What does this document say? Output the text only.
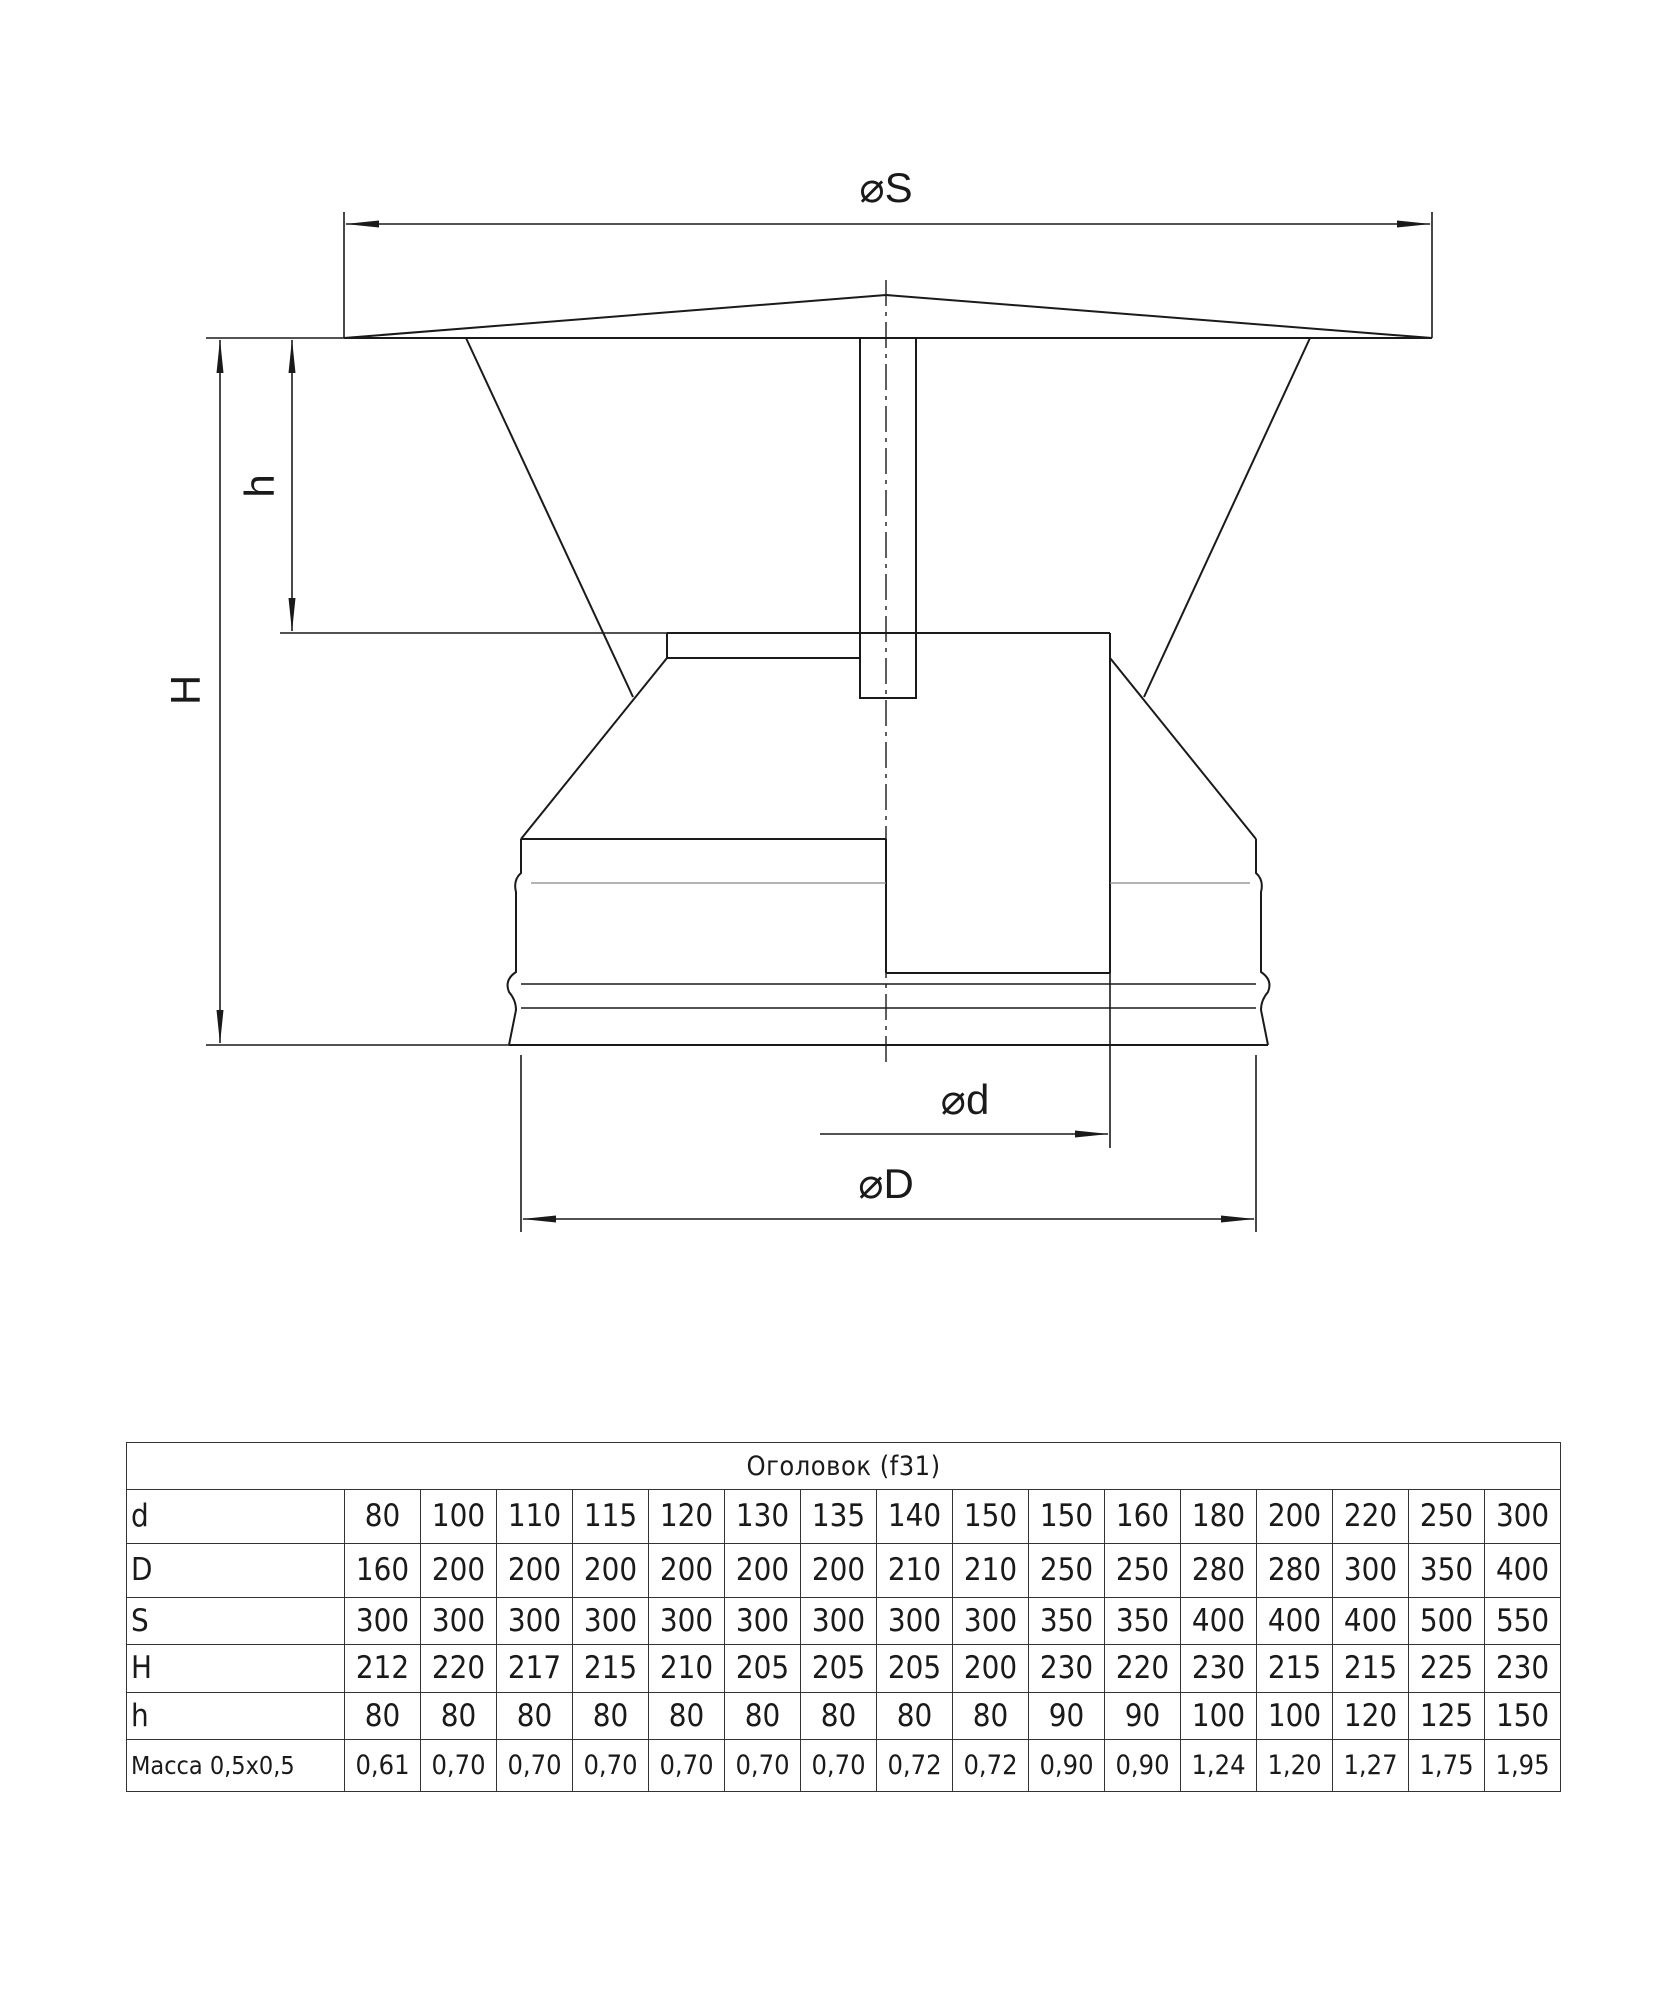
⌀S
H
h
⌀d
⌀D
Оголовок (f31)																
d	80	100	110	115	120	130	135	140	150	150	160	180	200	220	250	300
D	160	200	200	200	200	200	200	210	210	250	250	280	280	300	350	400
S	300	300	300	300	300	300	300	300	300	350	350	400	400	400	500	550
H	212	220	217	215	210	205	205	205	200	230	220	230	215	215	225	230
h	80	80	80	80	80	80	80	80	80	90	90	100	100	120	125	150
Масса 0,5x0,5	0,61	0,70	0,70	0,70	0,70	0,70	0,70	0,72	0,72	0,90	0,90	1,24	1,20	1,27	1,75	1,95
